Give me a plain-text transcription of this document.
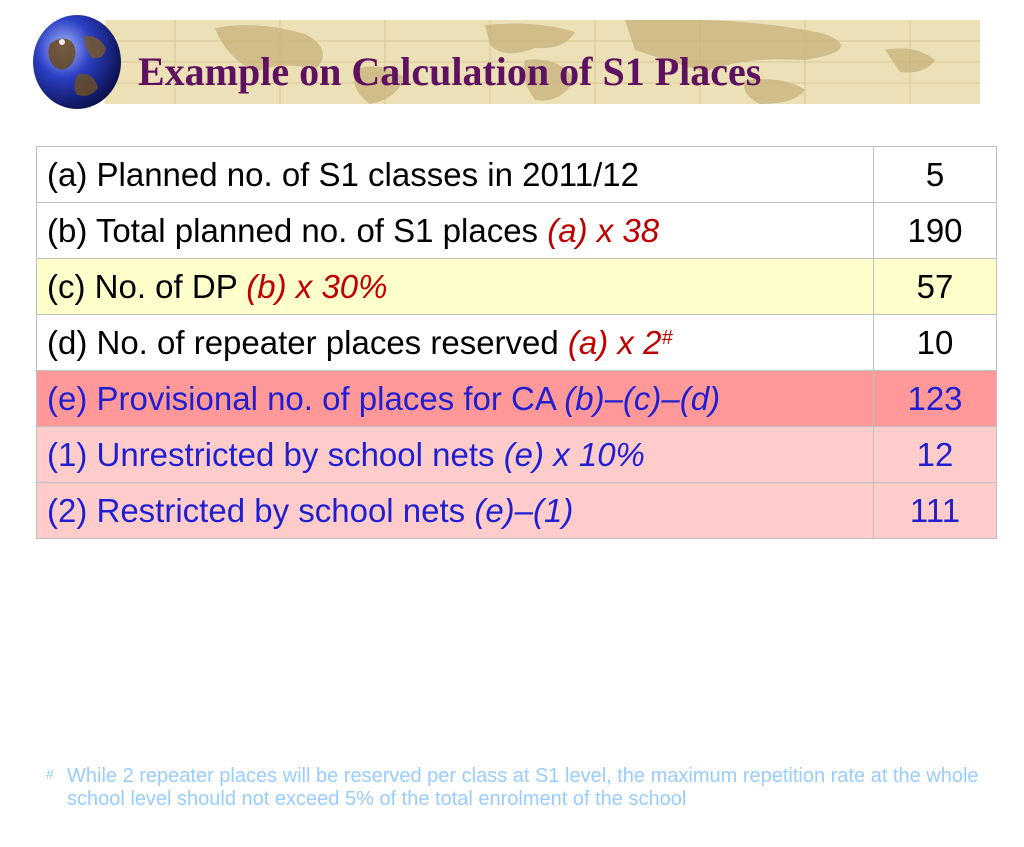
Example on Calculation of S1 Places
(a) Planned no. of S1 classes in 2011/12	5
(b) Total planned no. of S1 places (a) x 38	190
(c) No. of DP (b) x 30%	57
(d) No. of repeater places reserved (a) x 2#	10
(e) Provisional no. of places for CA (b)–(c)–(d)	123
(1) Unrestricted by school nets (e) x 10%	12
(2) Restricted by school nets (e)–(1)	111
# While 2 repeater places will be reserved per class at S1 level, the maximum repetition rate at the whole school level should not exceed 5% of the total enrolment of the school
